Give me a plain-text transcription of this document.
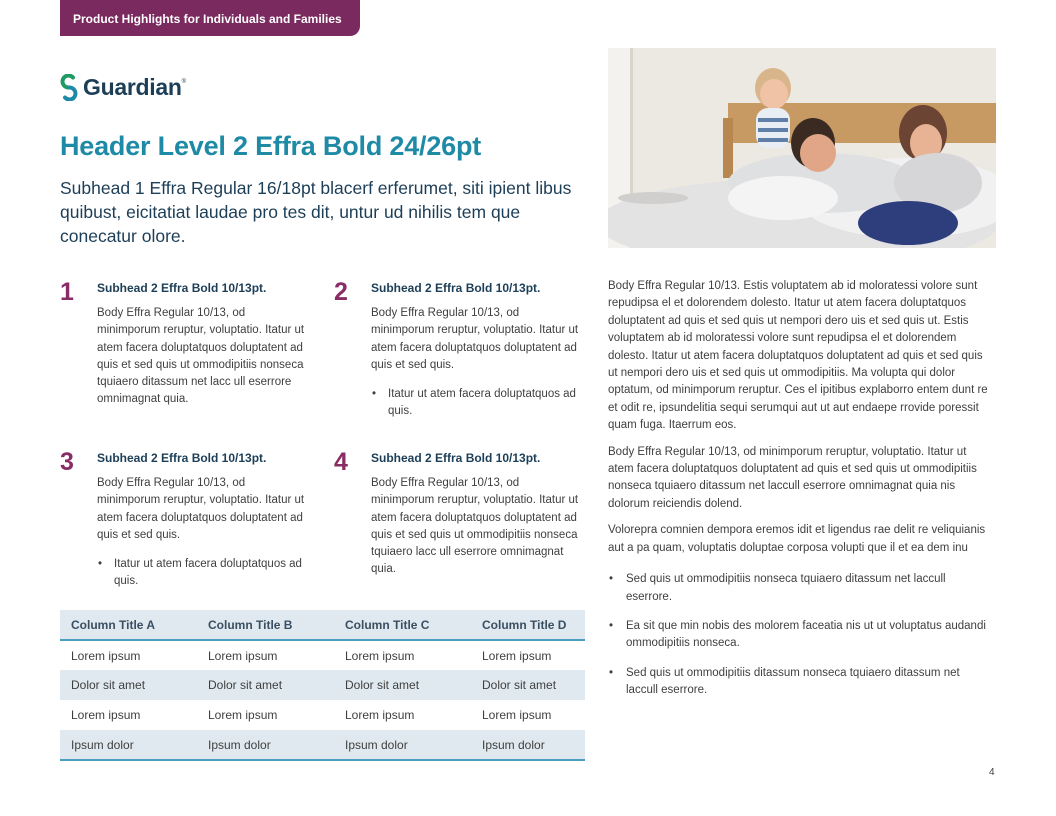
Product Highlights for Individuals and Families
Guardian ®
Header Level 2 Effra Bold 24/26pt
Subhead 1 Effra Regular 16/18pt blacerf erferumet, siti ipient libus quibust, eicitatiat laudae pro tes dit, untur ud nihilis tem que conecatur olore.
1 Subhead 2 Effra Bold 10/13pt.
Body Effra Regular 10/13, od minimporum reruptur, voluptatio. Itatur ut atem facera doluptatquos doluptatent ad quis et sed quis ut ommodipitiis nonseca tquiaero ditassum net lacc ull eserrore omnimagnat quia.
2 Subhead 2 Effra Bold 10/13pt.
Body Effra Regular 10/13, od minimporum reruptur, voluptatio. Itatur ut atem facera doluptatquos doluptatent ad quis et sed quis.
• Itatur ut atem facera doluptatquos ad quis.
3 Subhead 2 Effra Bold 10/13pt.
Body Effra Regular 10/13, od minimporum reruptur, voluptatio. Itatur ut atem facera doluptatquos doluptatent ad quis et sed quis.
• Itatur ut atem facera doluptatquos ad quis.
4 Subhead 2 Effra Bold 10/13pt.
Body Effra Regular 10/13, od minimporum reruptur, voluptatio. Itatur ut atem facera doluptatquos doluptatent ad quis et sed quis ut ommodipitiis nonseca tquiaero lacc ull eserrore omnimagnat quia.
Column Title A	Column Title B	Column Title C	Column Title D
Lorem ipsum	Lorem ipsum	Lorem ipsum	Lorem ipsum
Dolor sit amet	Dolor sit amet	Dolor sit amet	Dolor sit amet
Lorem ipsum	Lorem ipsum	Lorem ipsum	Lorem ipsum
Ipsum dolor	Ipsum dolor	Ipsum dolor	Ipsum dolor

Body Effra Regular 10/13. Estis voluptatem ab id moloratessi volore sunt repudipsa el et dolorendem dolesto. Itatur ut atem facera doluptatquos doluptatent ad quis et sed quis ut nempori dero uis et sed quis ut. Estis voluptatem ab id moloratessi volore sunt repudipsa el et dolorendem dolesto. Itatur ut atem facera doluptatquos doluptatent ad quis et sed quis ut nempori dero uis et sed quis ut ommodipitiis. Ma volupta qui dolor optatum, od minimporum reruptur. Ces el ipitibus explaborro entem dunt re et odit re, ipsundelitia sequi serumqui aut ut aut endaepe rrovide poressit quam fuga. Itaerrum eos.

Body Effra Regular 10/13, od minimporum reruptur, voluptatio. Itatur ut atem facera doluptatquos doluptatent ad quis et sed quis ut ommodipitiis nonseca tquiaero ditassum net laccull eserrore omnimagnat quia nis dolorum reiciendis dolend.

Volorepra comnien dempora eremos idit et ligendus rae delit re veliquianis aut a pa quam, voluptatis doluptae corposa volupti que il et ea dem inu

• Sed quis ut ommodipitiis nonseca tquiaero ditassum net laccull eserrore.
• Ea sit que min nobis des molorem faceatia nis ut ut voluptatus audandi ommodipitiis nonseca.
• Sed quis ut ommodipitiis ditassum nonseca tquiaero ditassum net laccull eserrore.
4
